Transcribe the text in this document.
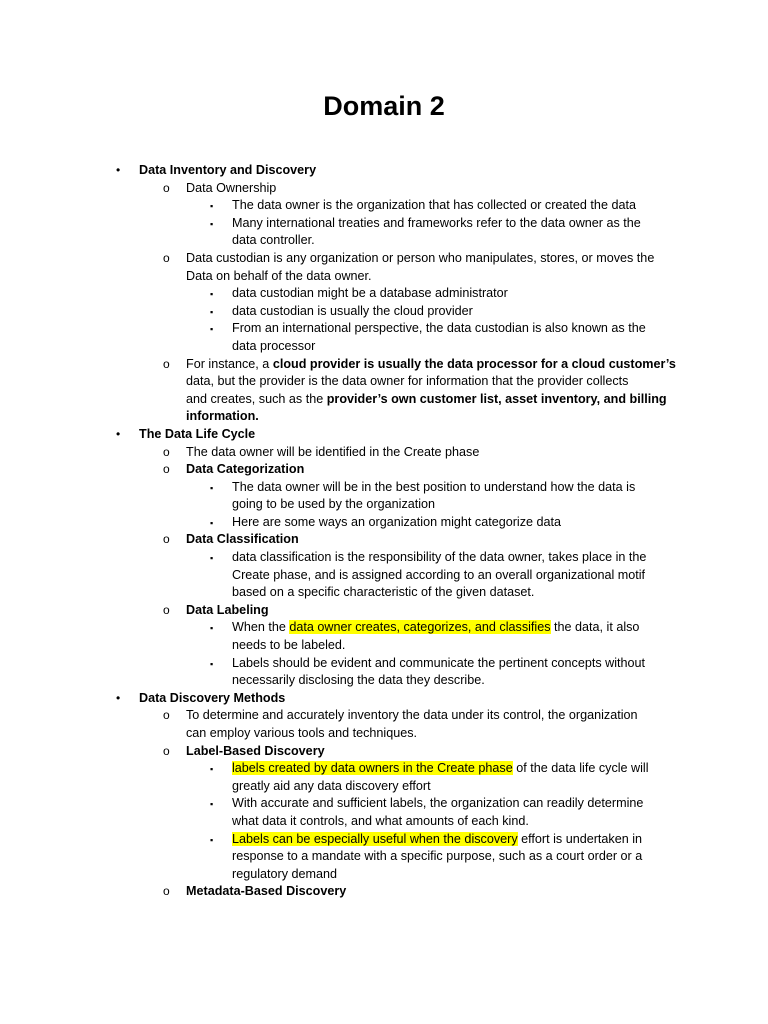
Domain 2
• Data Inventory and Discovery
o Data Ownership
▪ The data owner is the organization that has collected or created the data
▪ Many international treaties and frameworks refer to the data owner as the
data controller.
o Data custodian is any organization or person who manipulates, stores, or moves the
Data on behalf of the data owner.
▪ data custodian might be a database administrator
▪ data custodian is usually the cloud provider
▪ From an international perspective, the data custodian is also known as the
data processor
o For instance, a cloud provider is usually the data processor for a cloud customer’s
data, but the provider is the data owner for information that the provider collects
and creates, such as the provider’s own customer list, asset inventory, and billing
information.
• The Data Life Cycle
o The data owner will be identified in the Create phase
o Data Categorization
▪ The data owner will be in the best position to understand how the data is
going to be used by the organization
▪ Here are some ways an organization might categorize data
o Data Classification
▪ data classification is the responsibility of the data owner, takes place in the
Create phase, and is assigned according to an overall organizational motif
based on a specific characteristic of the given dataset.
o Data Labeling
▪ When the data owner creates, categorizes, and classifies the data, it also
needs to be labeled.
▪ Labels should be evident and communicate the pertinent concepts without
necessarily disclosing the data they describe.
• Data Discovery Methods
o To determine and accurately inventory the data under its control, the organization
can employ various tools and techniques.
o Label-Based Discovery
▪ labels created by data owners in the Create phase of the data life cycle will
greatly aid any data discovery effort
▪ With accurate and sufficient labels, the organization can readily determine
what data it controls, and what amounts of each kind.
▪ Labels can be especially useful when the discovery effort is undertaken in
response to a mandate with a specific purpose, such as a court order or a
regulatory demand
o Metadata-Based Discovery
